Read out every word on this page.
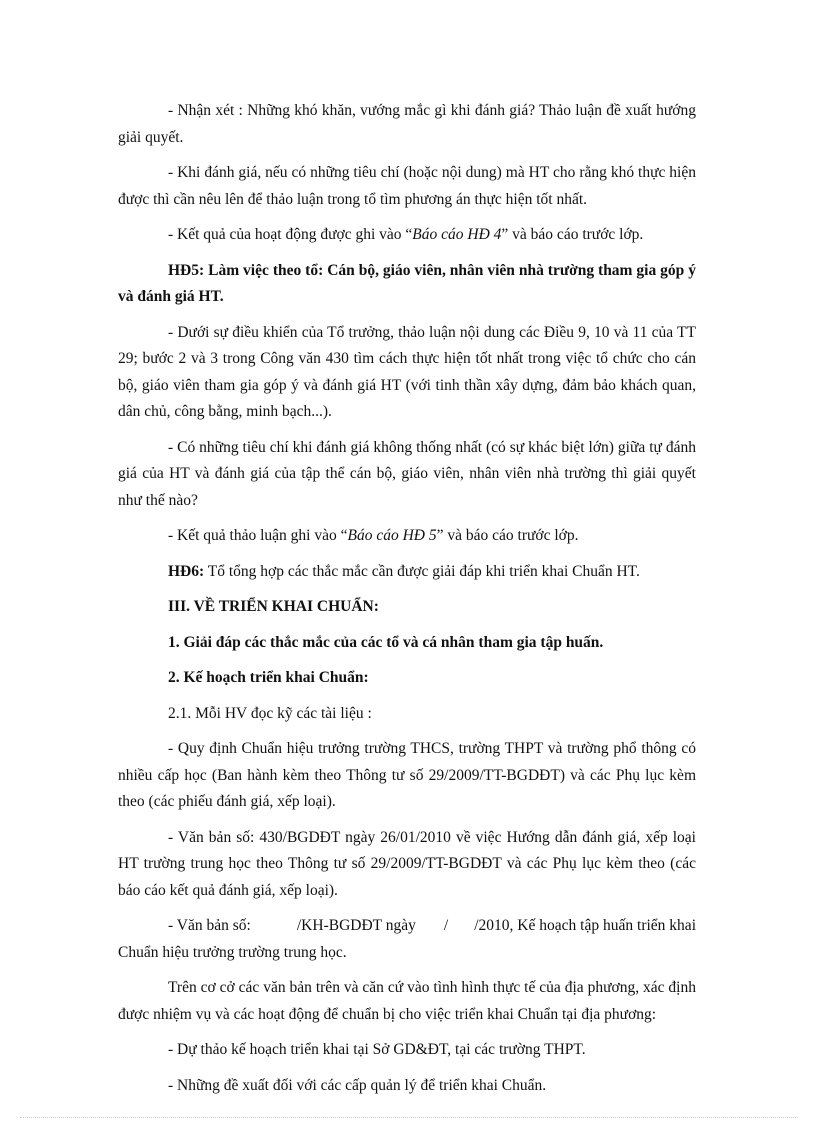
- Nhận xét : Những khó khăn, vướng mắc gì khi đánh giá? Thảo luận đề xuất hướng giải quyết.

- Khi đánh giá, nếu có những tiêu chí (hoặc nội dung) mà HT cho rằng khó thực hiện được thì cần nêu lên để thảo luận trong tổ tìm phương án thực hiện tốt nhất.

- Kết quả của hoạt động được ghi vào “Báo cáo HĐ 4” và báo cáo trước lớp.

HĐ5: Làm việc theo tổ: Cán bộ, giáo viên, nhân viên nhà trường tham gia góp ý và đánh giá HT.

- Dưới sự điều khiển của Tổ trưởng, thảo luận nội dung các Điều 9, 10 và 11 của TT 29; bước 2 và 3 trong Công văn 430 tìm cách thực hiện tốt nhất trong việc tổ chức cho cán bộ, giáo viên tham gia góp ý và đánh giá HT (với tinh thần xây dựng, đảm bảo khách quan, dân chủ, công bằng, minh bạch...).

- Có những tiêu chí khi đánh giá không thống nhất (có sự khác biệt lớn) giữa tự đánh giá của HT và đánh giá của tập thể cán bộ, giáo viên, nhân viên nhà trường thì giải quyết như thế nào?

- Kết quả thảo luận ghi vào “Báo cáo HĐ 5” và báo cáo trước lớp.

HĐ6: Tổ tổng hợp các thắc mắc cần được giải đáp khi triển khai Chuẩn HT.

III. VỀ TRIỂN KHAI CHUẨN:

1. Giải đáp các thắc mắc của các tổ và cá nhân tham gia tập huấn.

2. Kế hoạch triển khai Chuẩn:

2.1. Mỗi HV đọc kỹ các tài liệu :

- Quy định Chuẩn hiệu trưởng trường THCS, trường THPT và trường phổ thông có nhiều cấp học (Ban hành kèm theo Thông tư số 29/2009/TT-BGDĐT) và các Phụ lục kèm theo (các phiếu đánh giá, xếp loại).

- Văn bản số: 430/BGDĐT ngày 26/01/2010 về việc Hướng dẫn đánh giá, xếp loại HT trường trung học theo Thông tư số 29/2009/TT-BGDĐT và các Phụ lục kèm theo (các báo cáo kết quả đánh giá, xếp loại).

- Văn bản số:	/KH-BGDĐT ngày / /2010, Kế hoạch tập huấn triển khai Chuẩn hiệu trưởng trường trung học.

Trên cơ cở các văn bản trên và căn cứ vào tình hình thực tế của địa phương, xác định được nhiệm vụ và các hoạt động để chuẩn bị cho việc triển khai Chuẩn tại địa phương:

- Dự thảo kế hoạch triển khai tại Sở GD&ĐT, tại các trường THPT.

- Những đề xuất đối với các cấp quản lý để triển khai Chuẩn.
